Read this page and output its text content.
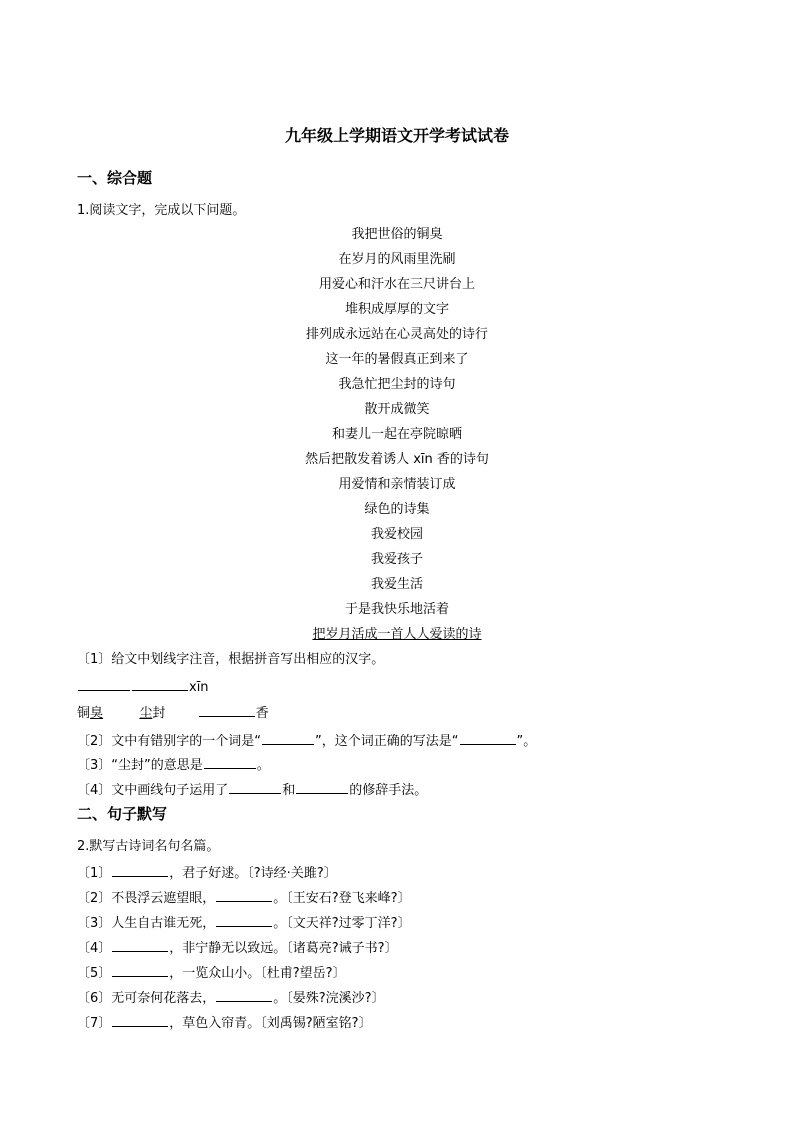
九年级上学期语文开学考试试卷
一、综合题
1.阅读文字，完成以下问题。
我把世俗的铜臭
在岁月的风雨里洗刷
用爱心和汗水在三尺讲台上
堆积成厚厚的文字
排列成永远站在心灵高处的诗行
这一年的暑假真正到来了
我急忙把尘封的诗句
散开成微笑
和妻儿一起在亭院晾晒
然后把散发着诱人 xīn 香的诗句
用爱情和亲情装订成
绿色的诗集
我爱校园
我爱孩子
我爱生活
于是我快乐地活着
把岁月活成一首人人爱读的诗
〔1〕给文中划线字注音，根据拼音写出相应的汉字。
xīn
铜臭	尘封	香
〔2〕文中有错别字的一个词是“	”，这个词正确的写法是“	”。
〔3〕“尘封”的意思是	。
〔4〕文中画线句子运用了	和	的修辞手法。
二、句子默写
2.默写古诗词名句名篇。
〔1〕	，君子好逑。〔?诗经·关雎?〕
〔2〕不畏浮云遮望眼，	。〔王安石?登飞来峰?〕
〔3〕人生自古谁无死，	。〔文天祥?过零丁洋?〕
〔4〕	，非宁静无以致远。〔诸葛亮?诫子书?〕
〔5〕	，一览众山小。〔杜甫?望岳?〕
〔6〕无可奈何花落去，	。〔晏殊?浣溪沙?〕
〔7〕	，草色入帘青。〔刘禹锡?陋室铭?〕
